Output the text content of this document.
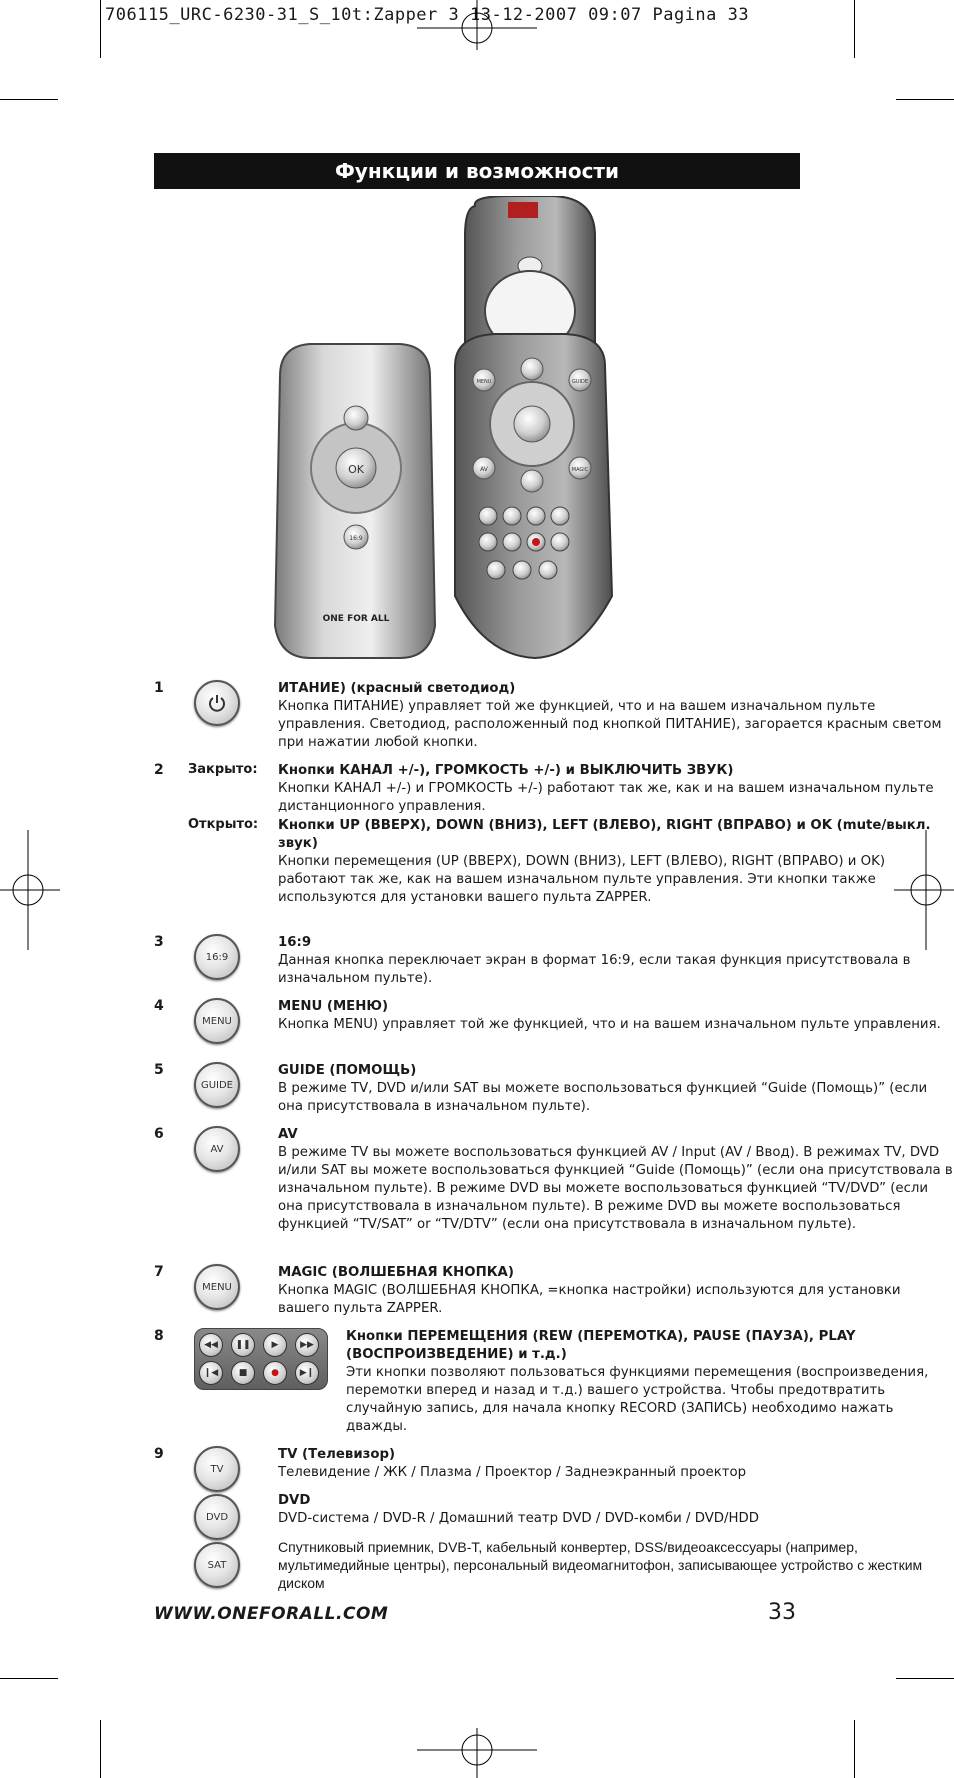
706115_URC-6230-31_S_10t:Zapper 3 13-12-2007 09:07 Pagina 33
Функции и возможности
OK
16:9
ONE FOR ALL
MENU	GUIDE
AV	MAGIC
1	ИТАНИЕ) (красный светодиод)
Кнопка ПИТАНИЕ) управляет той же функцией, что и на вашем изначальном пульте управления. Светодиод, расположенный под кнопкой ПИТАНИЕ), загорается красным светом при нажатии любой кнопки.
2 Закрыто: Кнопки КАНАЛ +/-), ГРОМКОСТЬ +/-) и ВЫКЛЮЧИТЬ ЗВУК)
Кнопки КАНАЛ +/-) и ГРОМКОСТЬ +/-) работают так же, как и на вашем изначальном пульте дистанционного управления.
Открыто: Кнопки UP (ВВЕРХ), DOWN (ВНИЗ), LEFT (ВЛЕВО), RIGHT (ВПРАВО) и OK (mute/выкл. звук)
Кнопки перемещения (UP (ВВЕРХ), DOWN (ВНИЗ), LEFT (ВЛЕВО), RIGHT (ВПРАВО) и OK) работают так же, как на вашем изначальном пульте управления. Эти кнопки также используются для установки вашего пульта ZAPPER.
3
16:9
16:9
Данная кнопка переключает экран в формат 16:9, если такая функция присутствовала в изначальном пульте).
4
MENU
MENU (МЕНЮ)
Кнопка MENU) управляет той же функцией, что и на вашем изначальном пульте управления.
5
GUIDE
GUIDE (ПОМОЩЬ)
В режиме TV, DVD и/или SAT вы можете воспользоваться функцией “Guide (Помощь)” (если она присутствовала в изначальном пульте).
6
AV
AV
В режиме TV вы можете воспользоваться функцией AV / Input (AV / Ввод). В режимах TV, DVD и/или SAT вы можете воспользоваться функцией “Guide (Помощь)” (если она присутствовала в изначальном пульте). В режиме DVD вы можете воспользоваться функцией “TV/DVD” (если она присутствовала в изначальном пульте). В режиме DVD вы можете воспользоваться функцией “TV/SAT” or “TV/DTV” (если она присутствовала в изначальном пульте).
7
MENU
MAGIC (ВОЛШЕБНАЯ КНОПКА)
Кнопка MAGIC (ВОЛШЕБНАЯ КНОПКА, =кнопка настройки) используются для установки вашего пульта ZAPPER.
8
◀◀	❚❚	▶	▶▶
❙◀	■	●	▶❙
Кнопки ПЕРЕМЕЩЕНИЯ (REW (ПЕРЕМОТКА), PAUSE (ПАУЗА), PLAY (ВОСПРОИЗВЕДЕНИЕ) и т.д.)
Эти кнопки позволяют пользоваться функциями перемещения (воспроизведения, перемотки вперед и назад и т.д.) вашего устройства. Чтобы предотвратить случайную запись, для начала кнопку RECORD (ЗАПИСЬ) необходимо нажать дважды.
9
TV
TV (Телевизор)
Телевидение / ЖК / Плазма / Проектор / Заднеэкранный проектор
DVD
DVD
DVD-система / DVD-R / Домашний театр DVD / DVD-комби / DVD/HDD
SAT
Спутниковый приемник, DVB-T, кабельный конвертер, DSS/видеоаксессуары (например, мультимедийные центры), персональный видеомагнитофон, записывающее устройство с жестким диском
WWW.ONEFORALL.COM	33
